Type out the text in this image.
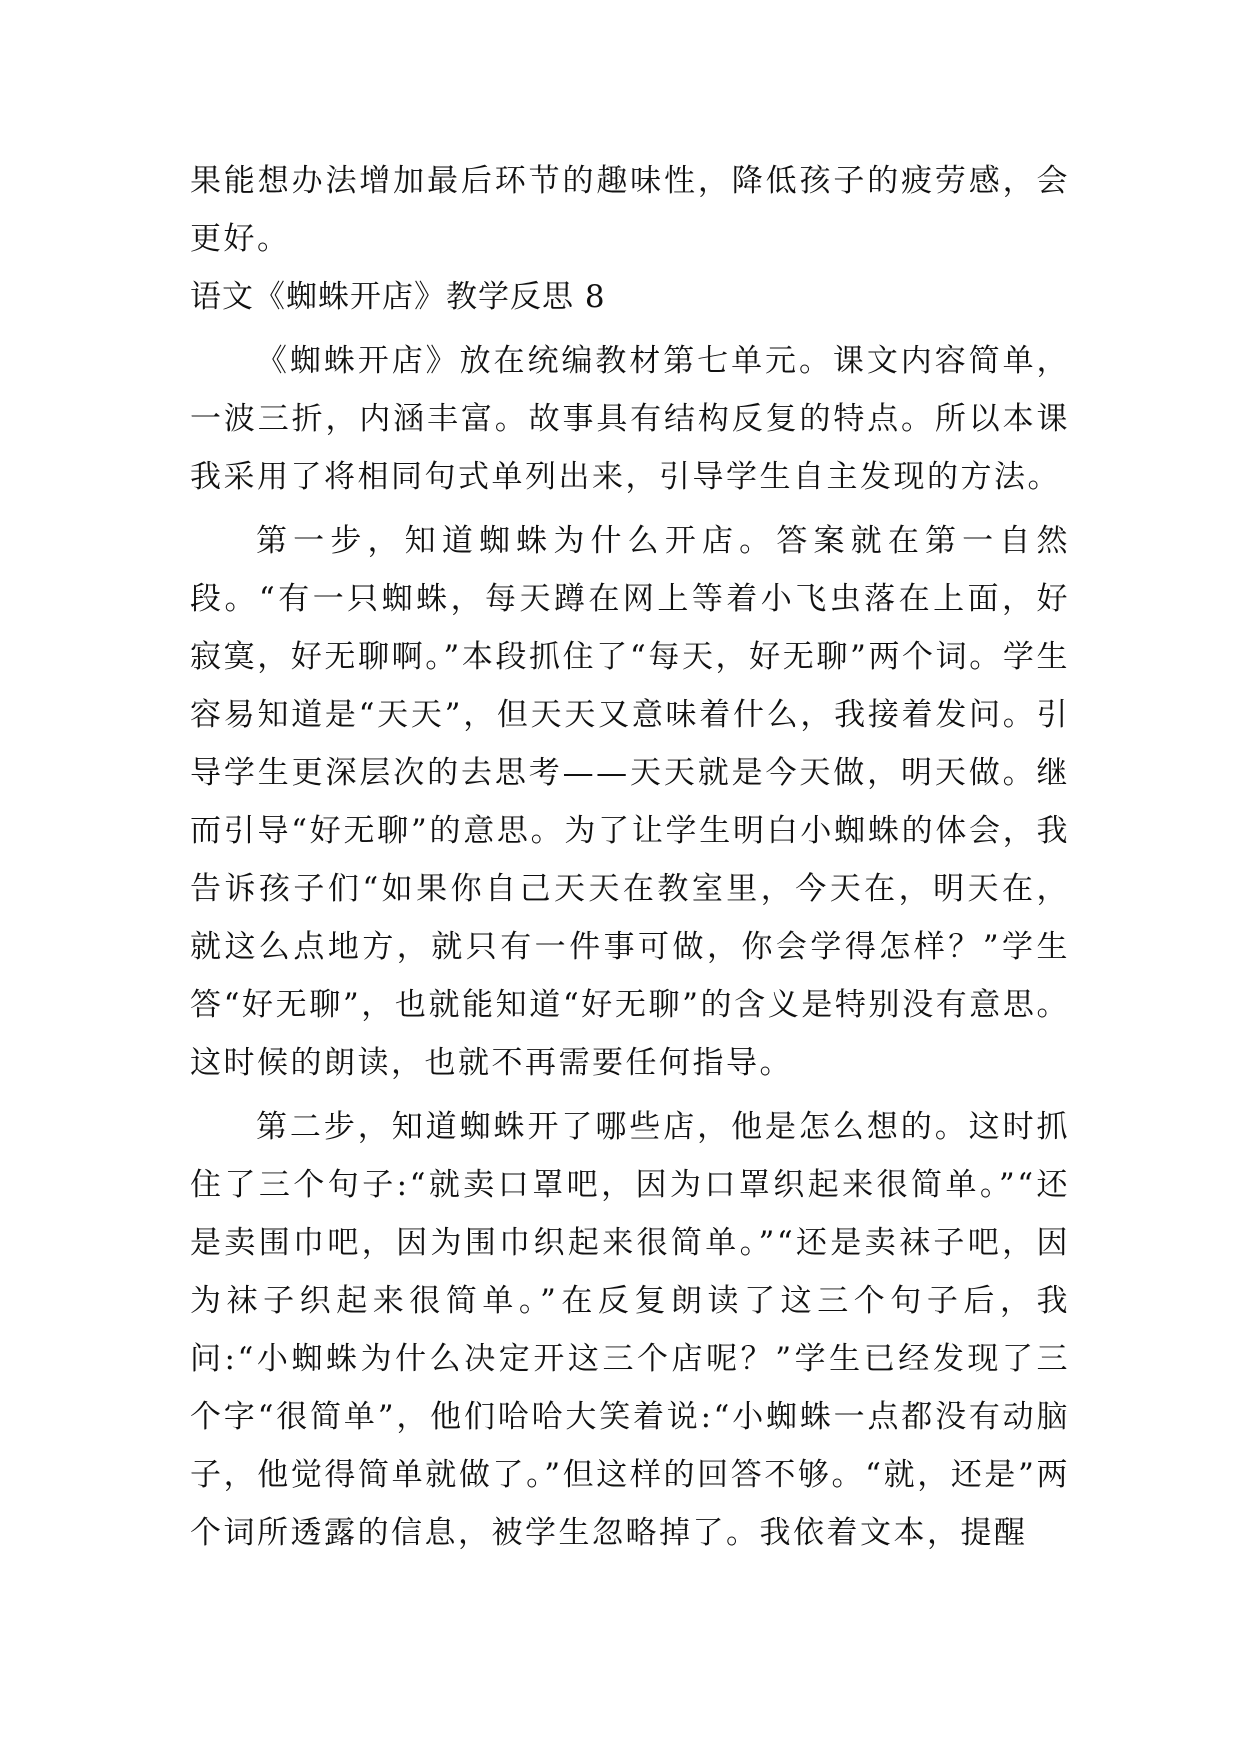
果能想办法增加最后环节的趣味性，降低孩子的疲劳感，会更好。

语文《蜘蛛开店》教学反思 8

《蜘蛛开店》放在统编教材第七单元。课文内容简单，一波三折，内涵丰富。故事具有结构反复的特点。所以本课我采用了将相同句式单列出来，引导学生自主发现的方法。

第一步，知道蜘蛛为什么开店。答案就在第一自然段。“有一只蜘蛛，每天蹲在网上等着小飞虫落在上面，好寂寞，好无聊啊。”本段抓住了“每天，好无聊”两个词。学生容易知道是“天天”，但天天又意味着什么，我接着发问。引导学生更深层次的去思考——天天就是今天做，明天做。继而引导“好无聊”的意思。为了让学生明白小蜘蛛的体会，我告诉孩子们“如果你自己天天在教室里，今天在，明天在，就这么点地方，就只有一件事可做，你会学得怎样？”学生答“好无聊”，也就能知道“好无聊”的含义是特别没有意思。这时候的朗读，也就不再需要任何指导。

第二步，知道蜘蛛开了哪些店，他是怎么想的。这时抓住了三个句子:“就卖口罩吧，因为口罩织起来很简单。”“还是卖围巾吧，因为围巾织起来很简单。”“还是卖袜子吧，因为袜子织起来很简单。”在反复朗读了这三个句子后，我问:“小蜘蛛为什么决定开这三个店呢？”学生已经发现了三个字“很简单”，他们哈哈大笑着说:“小蜘蛛一点都没有动脑子，他觉得简单就做了。”但这样的回答不够。“就，还是”两个词所透露的信息，被学生忽略掉了。我依着文本，提醒
